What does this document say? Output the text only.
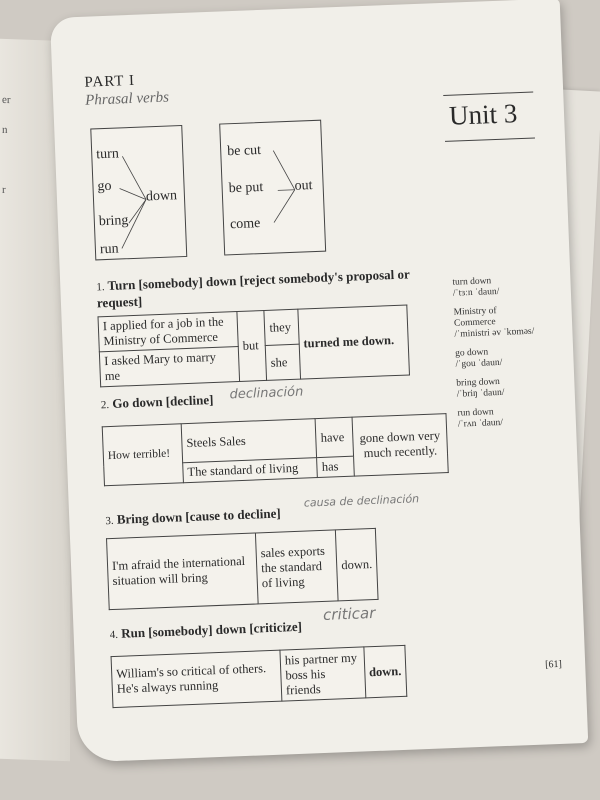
er
n
r
PART I
Phrasal verbs	Unit 3
turn
go
bring
run
down
be cut
be put
come
out
1. Turn [somebody] down [reject somebody's proposal or request]
I applied for a job in the Ministry of Commerce	but	they	turned me down.
I asked Mary to marry me		she	
2. Go down [decline] declinación
How terrible!	Steels Sales	have	gone down very much recently.
	The standard of living	has	
3. Bring down [cause to decline]
causa de declinación
I'm afraid the international situation will bring	sales exports the standard of living	down.
4. Run [somebody] down [criticize]
criticar
William's so critical of others. He's always running	his partner my boss his friends	down.
turn down
/ˈtɜːn ˈdaun/
Ministry of Commerce
/ˈministri əv ˈkɒməs/
go down
/ˈgou ˈdaun/
bring down
/ˈbriŋ ˈdaun/
run down
/ˈrʌn ˈdaun/
[61]
